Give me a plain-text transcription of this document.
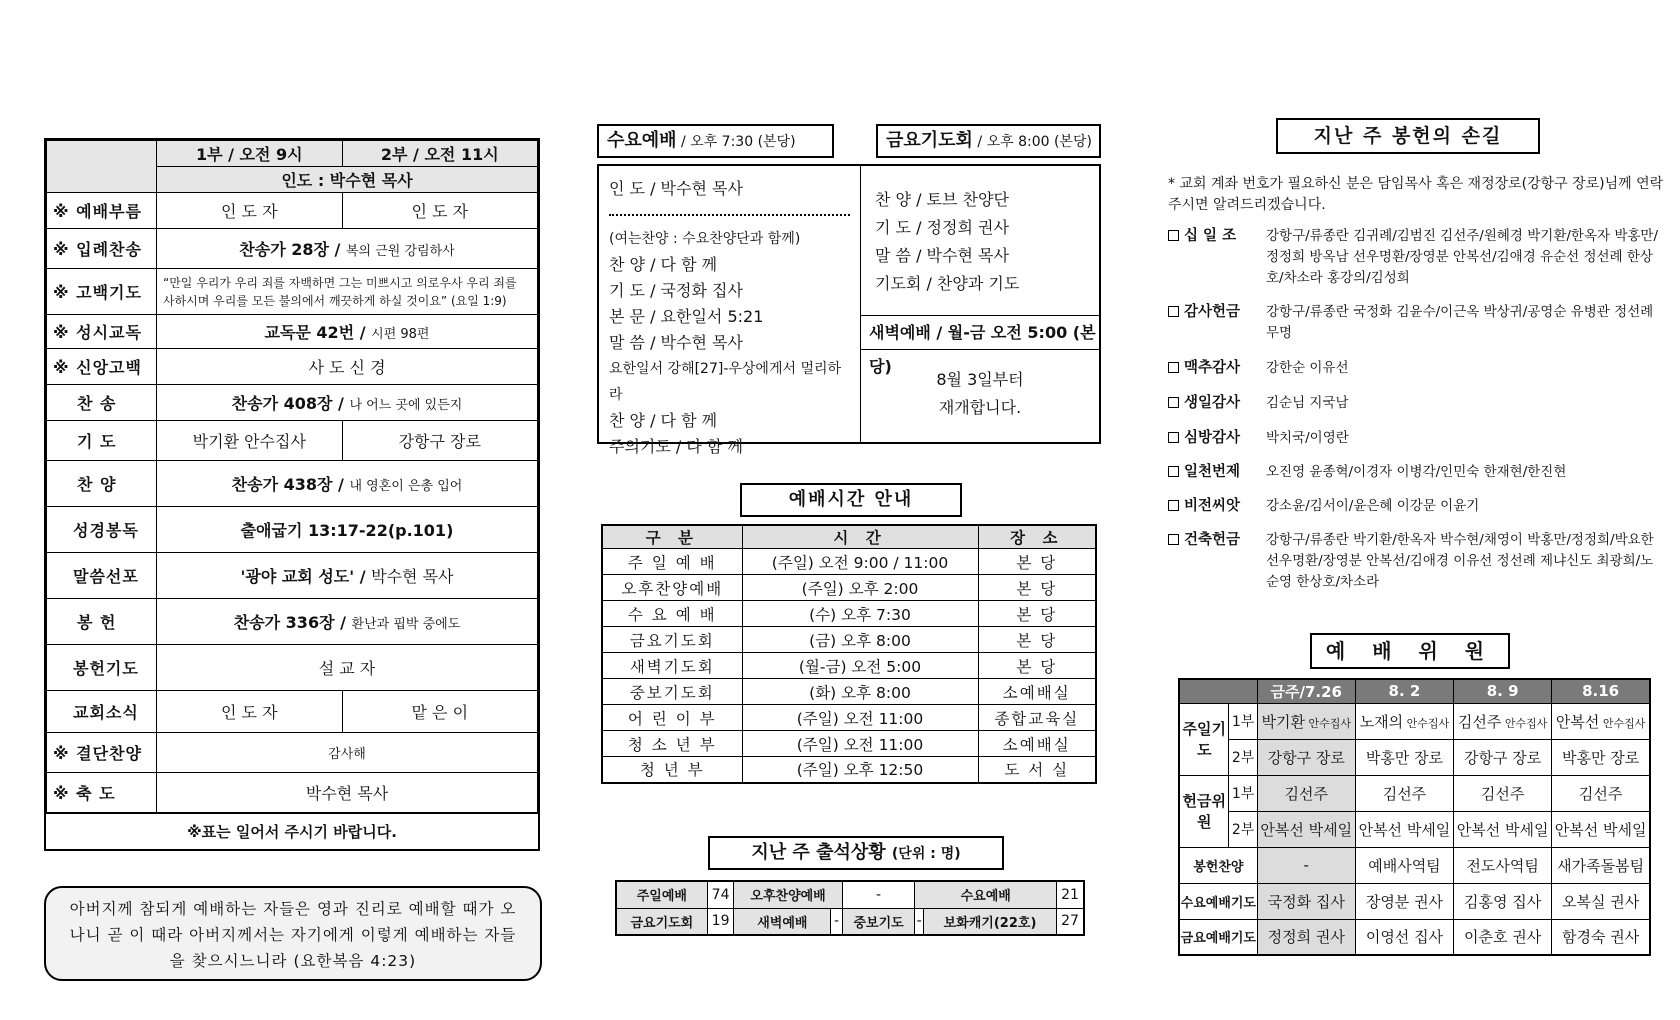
	1부 / 오전 9시	2부 / 오전 11시
	인도 : 박수현 목사	
※ 예배부름	인 도 자	인 도 자
※ 입례찬송	찬송가 28장 / 복의 근원 강림하사	
※ 고백기도	“만일 우리가 우리 죄를 자백하면 그는 미쁘시고 의로우사 우리 죄를 사하시며 우리를 모든 불의에서 깨끗하게 하실 것이요” (요일 1:9)	
※ 성시교독	교독문 42번 / 시편 98편	
※ 신앙고백	사 도 신 경	
찬 송	찬송가 408장 / 나 어느 곳에 있든지	
기 도	박기환 안수집사	강항구 장로
찬 양	찬송가 438장 / 내 영혼이 은총 입어	
성경봉독	출애굽기 13:17-22(p.101)	
말씀선포	'광야 교회 성도' / 박수현 목사	
봉 헌	찬송가 336장 / 환난과 핍박 중에도	
봉헌기도	설 교 자	
교회소식	인 도 자	맡 은 이
※ 결단찬양	감사해	
※ 축 도	박수현 목사	
※표는 일어서 주시기 바랍니다.
아버지께 참되게 예배하는 자들은 영과 진리로 예배할 때가 오나니 곧 이 때라 아버지께서는 자기에게 이렇게 예배하는 자들을 찾으시느니라 (요한복음 4:23)
수요예배 / 오후 7:30 (본당)	금요기도회 / 오후 8:00 (본당)
인 도 / 박수현 목사
(여는찬양 : 수요찬양단과 함께)
찬 양 / 다 함 께
기 도 / 국정화 집사
본 문 / 요한일서 5:21
말 씀 / 박수현 목사
요한일서 강해[27]-우상에게서 멀리하라
찬 양 / 다 함 께
주의기도 / 다 함 께
찬 양 / 토브 찬양단
기 도 / 정정희 권사
말 씀 / 박수현 목사
기도회 / 찬양과 기도
새벽예배 / 월-금 오전 5:00 (본당)
8월 3일부터
재개합니다.
예배시간 안내
구 분	시 간	장 소
주 일 예 배	(주일) 오전 9:00 / 11:00	본 당
오후찬양예배	(주일) 오후 2:00	본 당
수 요 예 배	(수) 오후 7:30	본 당
금요기도회	(금) 오후 8:00	본 당
새벽기도회	(월-금) 오전 5:00	본 당
중보기도회	(화) 오후 8:00	소예배실
어 린 이 부	(주일) 오전 11:00	종합교육실
청 소 년 부	(주일) 오전 11:00	소예배실
청 년 부	(주일) 오후 12:50	도 서 실
지난 주 출석상황 (단위 : 명)
주일예배	74	오후찬양예배		-	수요예배		21
금요기도회	19	새벽예배	-	중보기도	-	보화캐기(22호)	27
지난 주 봉헌의 손길
* 교회 계좌 번호가 필요하신 분은 담임목사 혹은 재정장로(강항구 장로)님께 연락주시면 알려드리겠습니다.
십 일 조	강항구/류종란 김귀례/김범진 김선주/원혜경 박기환/한옥자 박홍만/정정희 방옥남 선우명환/장영분 안복선/김애경 유순선 정선례 한상호/차소라 홍강의/김성희
감사헌금	강항구/류종란 국정화 김윤수/이근옥 박상귀/공영순 유병관 정선례 무명
맥추감사	강한순 이유선
생일감사	김순님 지국남
심방감사	박치국/이영란
일천번제	오진영 윤종혁/이경자 이병각/인민숙 한재현/한진현
비전씨앗	강소윤/김서이/윤은혜 이강문 이윤기
건축헌금	강항구/류종란 박기환/한옥자 박수현/채영이 박홍만/정정희/박요한 선우명환/장영분 안복선/김애경 이유선 정선례 제냐신도 최광희/노순영 한상호/차소라
예 배 위 원
		금주/7.26	8. 2	8. 9	8.16
주일기도	1부	박기환 안수집사	노재의 안수집사	김선주 안수집사	안복선 안수집사
	2부	강항구 장로	박홍만 장로	강항구 장로	박홍만 장로
헌금위원	1부	김선주	김선주	김선주	김선주
	2부	안복선 박세일	안복선 박세일	안복선 박세일	안복선 박세일
봉헌찬양		-	예배사역팀	전도사역팀	새가족돌봄팀
수요예배기도		국정화 집사	장영분 권사	김홍영 집사	오복실 권사
금요예배기도		정정희 권사	이영선 집사	이춘호 권사	함경숙 권사
